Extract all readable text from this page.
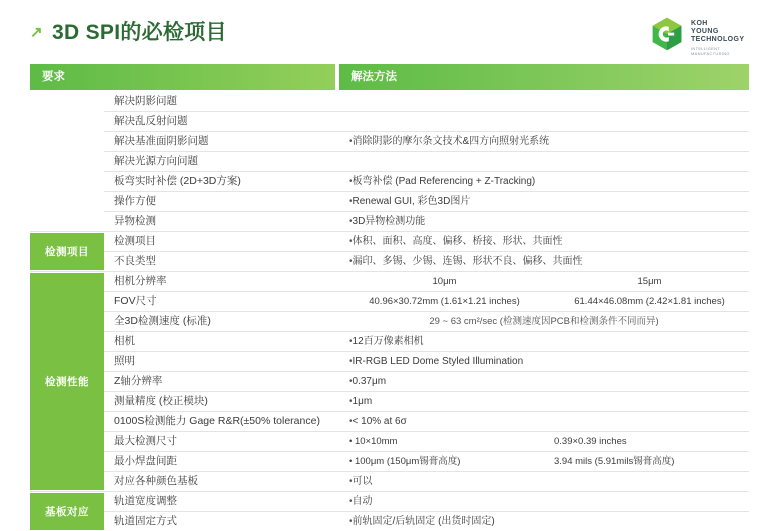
↗ 3D SPI的必检项目	KOH
YOUNG
TECHNOLOGY
INTELLIGENT
MANUFACTURING
要求	解法方法
解决阴影问题
解决乱反射问题
解决基准面阴影问题	• 消除阴影的摩尔条文技术&四方向照射光系统
解决光源方向问题
板弯实时补偿 (2D+3D方案)	• 板弯补偿 (Pad Referencing + Z-Tracking)
操作方便	• Renewal GUI, 彩色3D图片
异物检测	• 3D异物检测功能
检测项目
检测项目	• 体积、面积、高度、偏移、桥接、形状、共面性
不良类型	• 漏印、多锡、少锡、连锡、形状不良、偏移、共面性
检测性能
相机分辨率	10μm	15μm
FOV尺寸	40.96×30.72mm (1.61×1.21 inches)	61.44×46.08mm (2.42×1.81 inches)
全3D检测速度 (标准)	29 ~ 63 cm²/sec (检测速度因PCB和检测条件不同而异)
相机	• 12百万像素相机
照明	• IR-RGB LED Dome Styled Illumination
Z轴分辨率	• 0.37μm
测量精度 (校正模块)	• 1μm
0100S检测能力 Gage R&R(±50% tolerance)	• < 10% at 6σ
最大检测尺寸	• 10×10mm	0.39×0.39 inches
最小焊盘间距	• 100μm (150μm锡膏高度)	3.94 mils (5.91mils锡膏高度)
对应各种颜色基板	• 可以
基板对应
轨道宽度调整	• 自动
轨道固定方式	• 前轨固定/后轨固定 (出货时固定)
